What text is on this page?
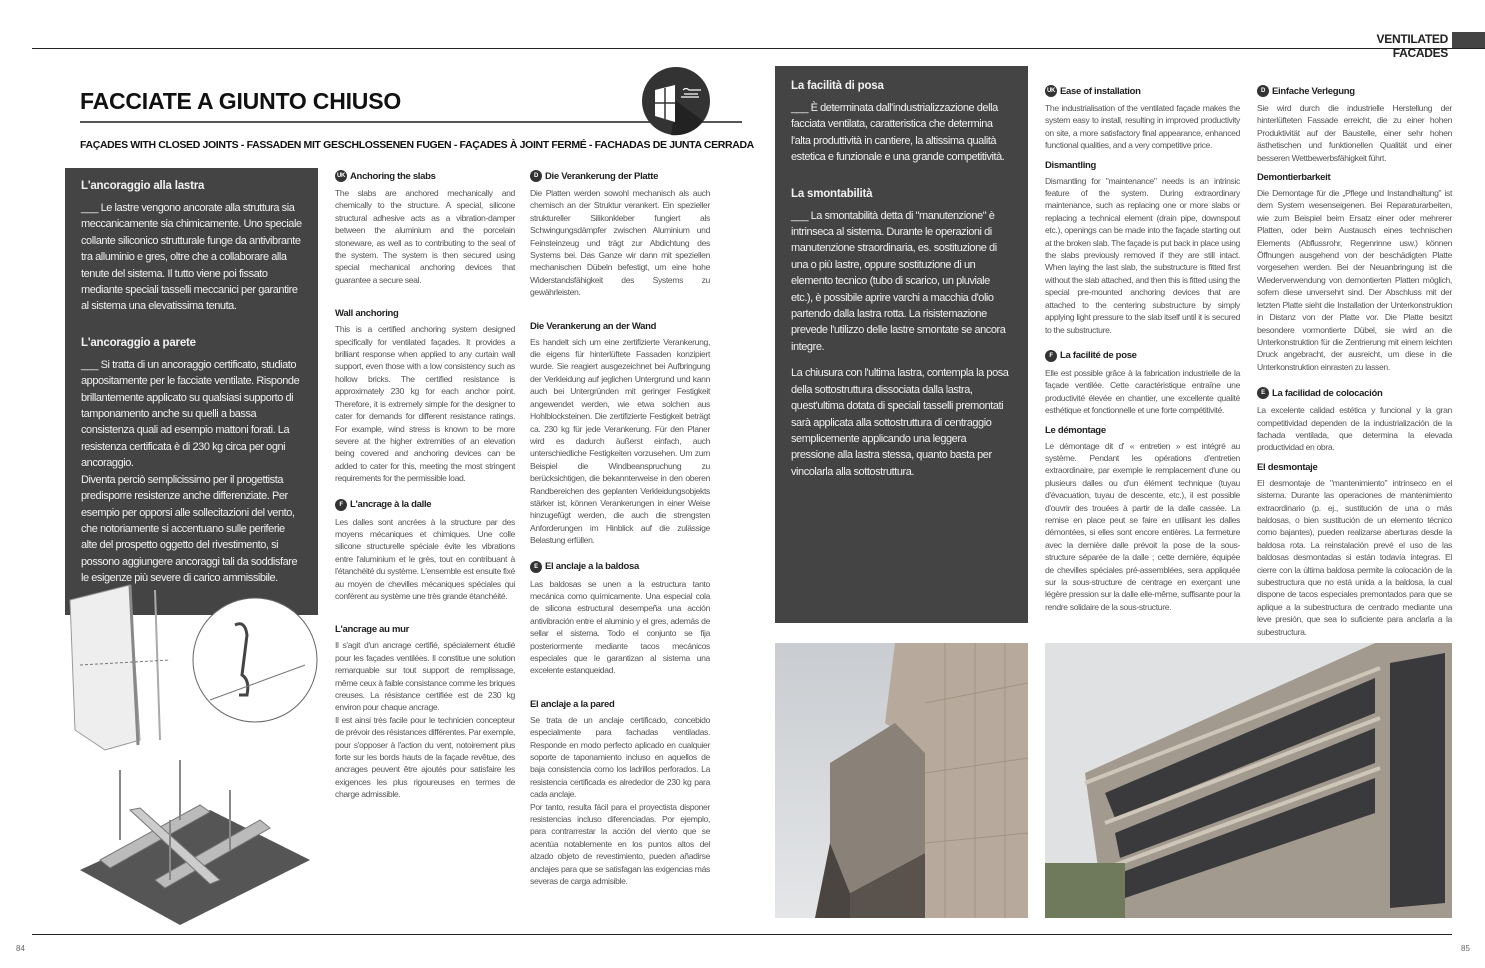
VENTILATED FACADES
FACCIATE A GIUNTO CHIUSO
FAÇADES WITH CLOSED JOINTS - FASSADEN MIT GESCHLOSSENEN FUGEN - FAÇADES À JOINT FERMÉ - FACHADAS DE JUNTA CERRADA
L'ancoraggio alla lastra

___ Le lastre vengono ancorate alla struttura sia meccanicamente sia chimicamente. Uno speciale collante siliconico strutturale funge da antivibrante tra alluminio e gres, oltre che a collaborare alla tenute del sistema. Il tutto viene poi fissato mediante speciali tasselli meccanici per garantire al sistema una elevatissima tenuta.

L'ancoraggio a parete

___ Si tratta di un ancoraggio certificato, studiato appositamente per le facciate ventilate. Risponde brillantemente applicato su qualsiasi supporto di tamponamento anche su quelli a bassa consistenza quali ad esempio mattoni forati. La resistenza certificata è di 230 kg circa per ogni ancoraggio.

Diventa perciò semplicissimo per il progettista predisporre resistenze anche differenziate. Per esempio per opporsi alle sollecitazioni del vento, che notoriamente si accentuano sulle periferie alte del prospetto oggetto del rivestimento, si possono aggiungere ancoraggi tali da soddisfare le esigenze più severe di carico ammissibile.

UK Anchoring the slabs

The slabs are anchored mechanically and chemically to the structure. A special, silicone structural adhesive acts as a vibration-damper between the aluminium and the porcelain stoneware, as well as to contributing to the seal of the system. The system is then secured using special mechanical anchoring devices that guarantee a secure seal.

Wall anchoring

This is a certified anchoring system designed specifically for ventilated façades. It provides a brilliant response when applied to any curtain wall support, even those with a low consistency such as hollow bricks. The certified resistance is approximately 230 kg for each anchor point. Therefore, it is extremely simple for the designer to cater for demands for different resistance ratings. For example, wind stress is known to be more severe at the higher extremities of an elevation being covered and anchoring devices can be added to cater for this, meeting the most stringent requirements for the permissible load.

F L'ancrage à la dalle

Les dalles sont ancrées à la structure par des moyens mécaniques et chimiques. Une colle silicone structurelle spéciale évite les vibrations entre l'aluminium et le grès, tout en contribuant à l'étanchéité du système. L'ensemble est ensuite fixé au moyen de chevilles mécaniques spéciales qui confèrent au système une très grande étanchéité.

L'ancrage au mur

Il s'agit d'un ancrage certifié, spécialement étudié pour les façades ventilées. Il constitue une solution remarquable sur tout support de remplissage, même ceux à faible consistance comme les briques creuses. La résistance certifiée est de 230 kg environ pour chaque ancrage.

Il est ainsi très facile pour le technicien concepteur de prévoir des résistances différentes. Par exemple, pour s'opposer à l'action du vent, notoirement plus forte sur les bords hauts de la façade revêtue, des ancrages peuvent être ajoutés pour satisfaire les exigences les plus rigoureuses en termes de charge admissible.

D Die Verankerung der Platte

Die Platten werden sowohl mechanisch als auch chemisch an der Struktur verankert. Ein spezieller struktureller Silikonkleber fungiert als Schwingungsdämpfer zwischen Aluminium und Feinsteinzeug und trägt zur Abdichtung des Systems bei. Das Ganze wir dann mit speziellen mechanischen Dübeln befestigt, um eine hohe Widerstandsfähigkeit des Systems zu gewährleisten.

Die Verankerung an der Wand

Es handelt sich um eine zertifizierte Verankerung, die eigens für hinterlüftete Fassaden konzipiert wurde. Sie reagiert ausgezeichnet bei Aufbringung der Verkleidung auf jeglichen Untergrund und kann auch bei Untergründen mit geringer Festigkeit angewendet werden, wie etwa solchen aus Hohlblocksteinen. Die zertifizierte Festigkeit beträgt ca. 230 kg für jede Verankerung. Für den Planer wird es dadurch äußerst einfach, auch unterschiedliche Festigkeiten vorzusehen. Um zum Beispiel die Windbeanspruchung zu berücksichtigen, die bekannterweise in den oberen Randbereichen des geplanten Verkleidungsobjekts stärker ist, können Verankerungen in einer Weise hinzugefügt werden, die auch die strengsten Anforderungen im Hinblick auf die zulässige Belastung erfüllen.

E El anclaje a la baldosa

Las baldosas se unen a la estructura tanto mecánica como químicamente. Una especial cola de silicona estructural desempeña una acción antivibración entre el aluminio y el gres, además de sellar el sistema. Todo el conjunto se fija posteriormente mediante tacos mecánicos especiales que le garantizan al sistema una excelente estanqueidad.

El anclaje a la pared

Se trata de un anclaje certificado, concebido especialmente para fachadas ventiladas. Responde en modo perfecto aplicado en cualquier soporte de taponamiento incluso en aquellos de baja consistencia como los ladrillos perforados. La resistencia certificada es alrededor de 230 kg para cada anclaje.

Por tanto, resulta fácil para el proyectista disponer resistencias incluso diferenciadas. Por ejemplo, para contrarrestar la acción del viento que se acentúa notablemente en los puntos altos del alzado objeto de revestimiento, pueden añadirse anclajes para que se satisfagan las exigencias más severas de carga admisible.

La facilità di posa

___ È determinata dall'industrializzazione della facciata ventilata, caratteristica che determina l'alta produttività in cantiere, la altissima qualità estetica e funzionale e una grande competitività.

La smontabilità

___ La smontabilità detta di "manutenzione" è intrinseca al sistema. Durante le operazioni di manutenzione straordinaria, es. sostituzione di una o più lastre, oppure sostituzione di un elemento tecnico (tubo di scarico, un pluviale etc.), è possibile aprire varchi a macchia d'olio partendo dalla lastra rotta. La risistemazione prevede l'utilizzo delle lastre smontate se ancora integre.

La chiusura con l'ultima lastra, contempla la posa della sottostruttura dissociata dalla lastra, quest'ultima dotata di speciali tasselli premontati sarà applicata alla sottostruttura di centraggio semplicemente applicando una leggera pressione alla lastra stessa, quanto basta per vincolarla alla sottostruttura.

UK Ease of installation

The industrialisation of the ventilated façade makes the system easy to install, resulting in improved productivity on site, a more satisfactory final appearance, enhanced functional qualities, and a very competitive price.

Dismantling

Dismantling for "maintenance" needs is an intrinsic feature of the system. During extraordinary maintenance, such as replacing one or more slabs or replacing a technical element (drain pipe, downspout etc.), openings can be made into the façade starting out at the broken slab. The façade is put back in place using the slabs previously removed if they are still intact. When laying the last slab, the substructure is fitted first without the slab attached, and then this is fitted using the special pre-mounted anchoring devices that are attached to the centering substructure by simply applying light pressure to the slab itself until it is secured to the substructure.

F La facilité de pose

Elle est possible grâce à la fabrication industrielle de la façade ventilée. Cette caractéristique entraîne une productivité élevée en chantier, une excellente qualité esthétique et fonctionnelle et une forte compétitivité.

Le démontage

Le démontage dit d' « entretien » est intégré au système. Pendant les opérations d'entretien extraordinaire, par exemple le remplacement d'une ou plusieurs dalles ou d'un élément technique (tuyau d'évacuation, tuyau de descente, etc.), il est possible d'ouvrir des trouées à partir de la dalle cassée. La remise en place peut se faire en utilisant les dalles démontées, si elles sont encore entières. La fermeture avec la dernière dalle prévoit la pose de la sous-structure séparée de la dalle ; cette dernière, équipée de chevilles spéciales pré-assemblées, sera appliquée sur la sous-structure de centrage en exerçant une légère pression sur la dalle elle-même, suffisante pour la rendre solidaire de la sous-structure.

D Einfache Verlegung

Sie wird durch die industrielle Herstellung der hinterlüfteten Fassade erreicht, die zu einer hohen Produktivität auf der Baustelle, einer sehr hohen ästhetischen und funktionellen Qualität und einer besseren Wettbewerbsfähigkeit führt.

Demontierbarkeit

Die Demontage für die „Pflege und Instandhaltung" ist dem System wesenseigenen. Bei Reparaturarbeiten, wie zum Beispiel beim Ersatz einer oder mehrerer Platten, oder beim Austausch eines technischen Elements (Abflussrohr, Regenrinne usw.) können Öffnungen ausgehend von der beschädigten Platte vorgesehen werden. Bei der Neuanbringung ist die Wiederverwendung von demontierten Platten möglich, sofern diese unversehrt sind. Der Abschluss mit der letzten Platte sieht die Installation der Unterkonstruktion in Distanz von der Platte vor. Die Platte besitzt besondere vormontierte Dübel, sie wird an die Unterkonstruktion für die Zentrierung mit einem leichten Druck angebracht, der ausreicht, um diese in die Unterkonstruktion einrasten zu lassen.

E La facilidad de colocación

La excelente calidad estética y funcional y la gran competitividad dependen de la industrialización de la fachada ventilada, que determina la elevada productividad en obra.

El desmontaje

El desmontaje de "mantenimiento" intrínseco en el sistema. Durante las operaciones de mantenimiento extraordinario (p. ej., sustitución de una o más baldosas, o bien sustitución de un elemento técnico como bajantes), pueden realizarse aberturas desde la baldosa rota. La reinstalación prevé el uso de las baldosas desmontadas si están todavía íntegras. El cierre con la última baldosa permite la colocación de la subestructura que no está unida a la baldosa, la cual dispone de tacos especiales premontados para que se aplique a la subestructura de centrado mediante una leve presión, que sea lo suficiente para anclarla a la subestructura.

84	85
